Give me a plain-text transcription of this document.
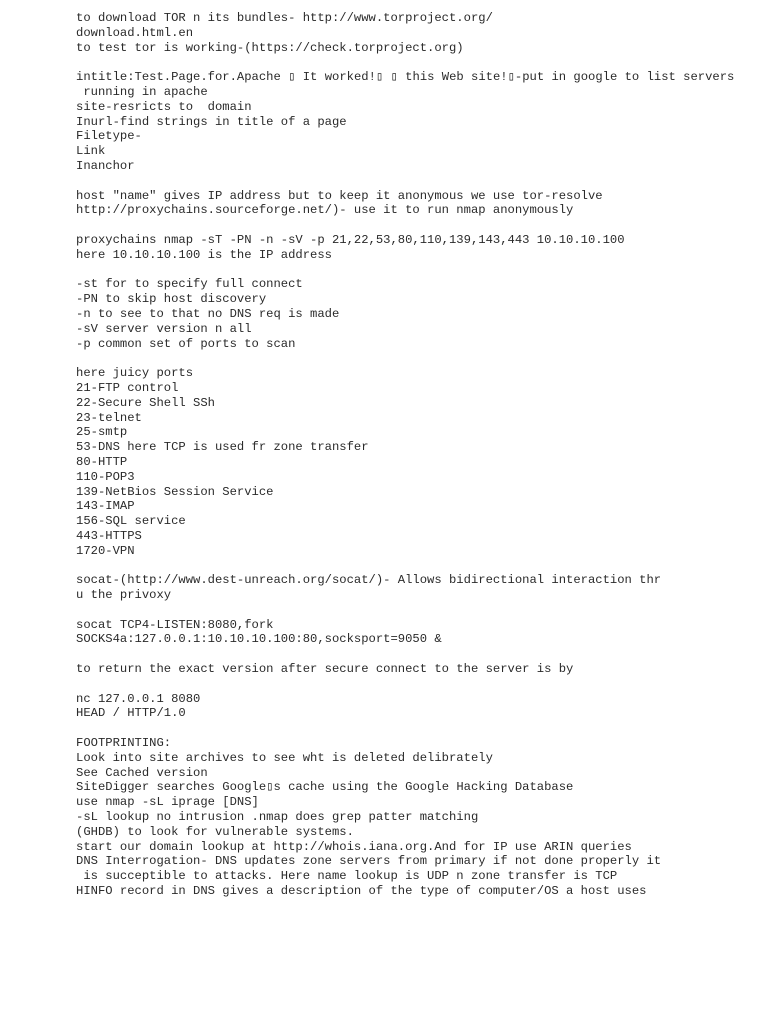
to download TOR n its bundles- http://www.torproject.org/
download.html.en
to test tor is working-(https://check.torproject.org)
intitle:Test.Page.for.Apache ▯ It worked!▯ ▯ this Web site!▯-put in google to list servers
running in apache
site-resricts to  domain
Inurl-find strings in title of a page
Filetype-
Link
Inanchor
host "name" gives IP address but to keep it anonymous we use tor-resolve
http://proxychains.sourceforge.net/)- use it to run nmap anonymously
proxychains nmap -sT -PN -n -sV -p 21,22,53,80,110,139,143,443 10.10.10.100
here 10.10.10.100 is the IP address
-st for to specify full connect
-PN to skip host discovery
-n to see to that no DNS req is made
-sV server version n all
-p common set of ports to scan
here juicy ports
21-FTP control
22-Secure Shell SSh
23-telnet
25-smtp
53-DNS here TCP is used fr zone transfer
80-HTTP
110-POP3
139-NetBios Session Service
143-IMAP
156-SQL service
443-HTTPS
1720-VPN
socat-(http://www.dest-unreach.org/socat/)- Allows bidirectional interaction thr
u the privoxy
socat TCP4-LISTEN:8080,fork
SOCKS4a:127.0.0.1:10.10.10.100:80,socksport=9050 &
to return the exact version after secure connect to the server is by
nc 127.0.0.1 8080
HEAD / HTTP/1.0
FOOTPRINTING:
Look into site archives to see wht is deleted delibrately
See Cached version
SiteDigger searches Google▯s cache using the Google Hacking Database
use nmap -sL iprage [DNS]
-sL lookup no intrusion .nmap does grep patter matching
(GHDB) to look for vulnerable systems.
start our domain lookup at http://whois.iana.org.And for IP use ARIN queries
DNS Interrogation- DNS updates zone servers from primary if not done properly it
is succeptible to attacks. Here name lookup is UDP n zone transfer is TCP
HINFO record in DNS gives a description of the type of computer/OS a host uses
